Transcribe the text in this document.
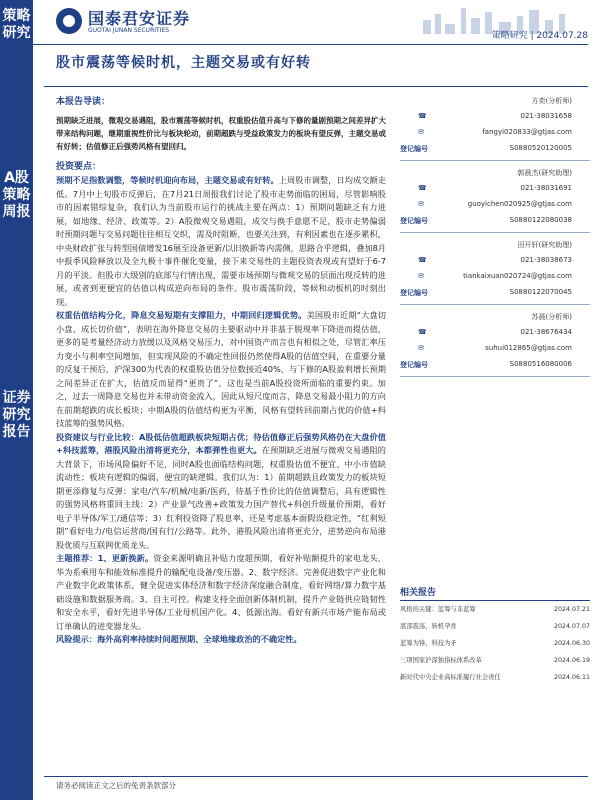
策略研究
A股策略周报
证券研究报告
国泰君安证券
GUOTAI JUNAN SECURITIES
策略研究 | 2024.07.28
股市震荡等候时机，主题交易或有好转

本报告导读：

预期缺乏进展，微观交易遇阻，股市震荡等候时机，权重股估值升高与下修的量剧预期之间差异扩大带来结构问题，继期重视性价比与板块轮动，前期超跌与受益政策发力的板块有望反弹，主题交易或有好转；估值修正后强势风格有望回归。

投资要点：

预期不足指数调整，等候时机迎向布局，主题交易或有好转。上周股市调整，日均成交额走低。7月中上旬股市反弹后，在7月21日周报我们讨论了股市走势面临的困局，尽管影响股市的因素错综复杂，我们认为当前股市运行的挑战主要在两点：1）预期问题缺乏有力进展，如地缘、经济、政策等。2）A股微观交易遇阻，成交与换手意愿不足，股市走势偏弱时预期问题与交易问题往往相互交织，需及时阻断，也要关注到，有利因素也在逐步累积，中央财政扩张与转型国债增发16展至设备更新/以旧换新等内需侧，思路合乎逻辑，叠加8月中报季风险释放以及全九极十事件催化变量，接下来交易性的主题投资表现或有望好于6-7月的平淡。但股市大级别的底部与行情出现，需要市场预期与微观交易的层面出现反转的进展，或者到更便宜的估值以构成逆向布局的条件。股市震荡阶段，等候和动板机的时刻出现。

权重估值结构分化，降息交易短期有支撑阻力，中期回归逻辑优势。美国股市近期“大盘切小盘、成长切价值”，表明在海外降息交易的主要驱动中并非基于脱现率下降进而提估值，更多的是考量经济动力放缓以及风格交易压力，对中国资产而言也有相似之处，尽管汇率压力变小与利率空间增加，但实现风险的不确定性回报仍然使得A股的估值空间，在重要分量的反复干预后，沪深300为代表的权重股估值分位数接近40%，与下修的A股盈利增长预期之间差异正在扩大，估值反而显得“更贵了”，这也是当前A股投资所面临的重要约束。加之，过去一周降息交易也并未带动资金流入，因此从短尺度而言，降息交易最小阻力的方向在前期超跌的成长板块；中期A股的估值结构更为平衡，风格有望转回前期占优的价值+科技蓝筹的强势风格。

投资建议与行业比较：A股低估值超跌板块短期占优；待估值修正后强势风格仍在大盘价值+科技蓝筹，港股风险出清将更充分，本都弹性也更大。在预期缺乏进展与微观交易遇阻的大背景下，市场风险偏好不足，同时A股也面临结构问题，权重股估值不便宜、中小市值缺流动性；板块有逻辑的偏弱，便宜的缺逻辑。我们认为：1）前期超跌且政策发力的板块短期更添修复与反弹：家电/汽车/机械/电新/医药，待基于性价比的估值调整后，具有逻辑性的强势风格将重回主线：2）产业景气改善+政策发力国产替代+科创升级量价预期，看好电子半导体/军工/通信等；3）红利投资降了股息率，还是考虑基本面假设稳定性，“红利短期”看好电力/电信运营商/国有行/公路等。此外，港股风险出清将更充分，逆势逆向布局港股优质与互联网优质龙头。

主题推荐：1、更新换新。资金来源明确且补贴力度超预期，看好补贴额提升的家电龙头、华为系乘用车和能效标准提升的输配电设备/变压器。2、数字经济。完善促进数字产业化和产业数字化政策体系，健全促进实体经济和数字经济深度融合制度，看好网络/算力数字基础设施和数据服务商。3、自主可控。构建支持全面创新体制机制，提升产业链供应链韧性和安全水平，看好先进半导体/工业母机国产化。4、低源出海。看好有新兴市场产能布局或订单确认的进变器龙头。

风险提示：海外高利率持续时间超预期、全球地缘政治的不确定性。

方奕(分析师)
☎	021-38031658
✉	fangyi020833@gtjas.com
登记编号	S0880520120005
郭晨杰(研究助理)
☎	021-38031691
✉	guoyichen020925@gtjas.com
登记编号	S0880122080038
田开轩(研究助理)
☎	021-38038673
✉	tiankaixuan020724@gtjas.com
登记编号	S0880122070045
苏晨(分析师)
☎	021-38676434
✉	suhui012865@gtjas.com
登记编号	S0880516080006
相关报告
风格的关键：蓝筹与非蓝筹	2024.07.21
底部震荡，转机孕育	2024.07.07
蓝筹为锋，科技为矛	2024.06.30
三项国家沪深独指标体系改革	2024.06.19
新时代中央企业高标准履行社会责任	2024.06.11
请务必阅读正文之后的免责条款部分
